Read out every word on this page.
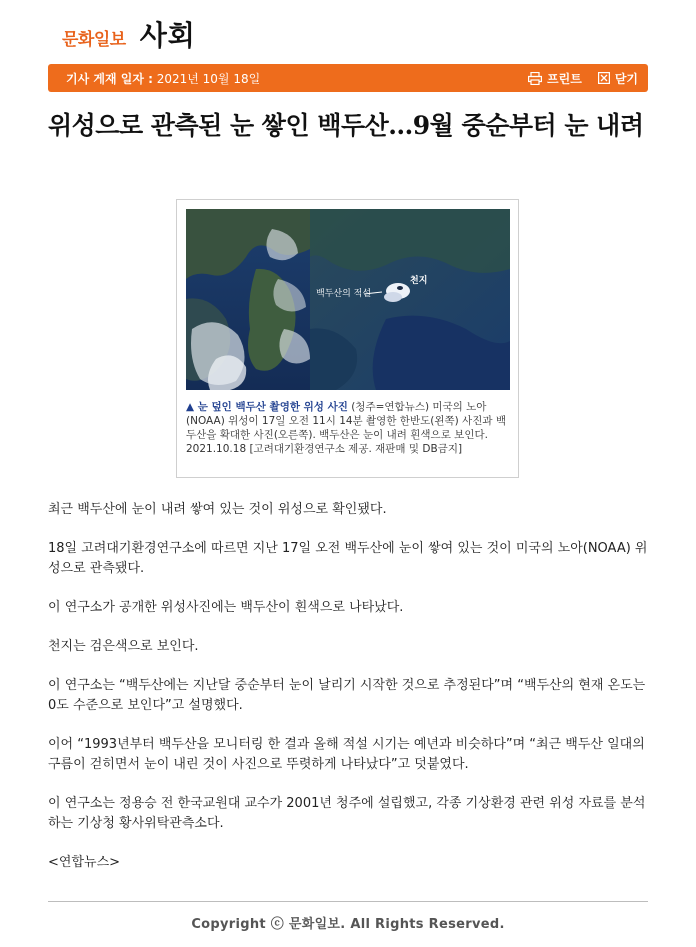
문화일보 사회
기사 게재 일자 : 2021년 10월 18일	프린트	닫기
위성으로 관측된 눈 쌓인 백두산…9월 중순부터 눈 내려
백두산의 적설
천지
▲ 눈 덮인 백두산 촬영한 위성 사진 (청주=연합뉴스) 미국의 노아(NOAA) 위성이 17일 오전 11시 14분 촬영한 한반도(왼쪽) 사진과 백두산을 확대한 사진(오른쪽). 백두산은 눈이 내려 흰색으로 보인다. 2021.10.18 [고려대기환경연구소 제공. 재판매 및 DB금지]

최근 백두산에 눈이 내려 쌓여 있는 것이 위성으로 확인됐다.

18일 고려대기환경연구소에 따르면 지난 17일 오전 백두산에 눈이 쌓여 있는 것이 미국의 노아(NOAA) 위성으로 관측됐다.

이 연구소가 공개한 위성사진에는 백두산이 흰색으로 나타났다.

천지는 검은색으로 보인다.

이 연구소는 “백두산에는 지난달 중순부터 눈이 날리기 시작한 것으로 추정된다”며 “백두산의 현재 온도는 0도 수준으로 보인다”고 설명했다.

이어 “1993년부터 백두산을 모니터링 한 결과 올해 적설 시기는 예년과 비슷하다”며 “최근 백두산 일대의 구름이 걷히면서 눈이 내린 것이 사진으로 뚜렷하게 나타났다”고 덧붙였다.

이 연구소는 정용승 전 한국교원대 교수가 2001년 청주에 설립했고, 각종 기상환경 관련 위성 자료를 분석하는 기상청 황사위탁관측소다.

<연합뉴스>

Copyright ⓒ 문화일보. All Rights Reserved.
